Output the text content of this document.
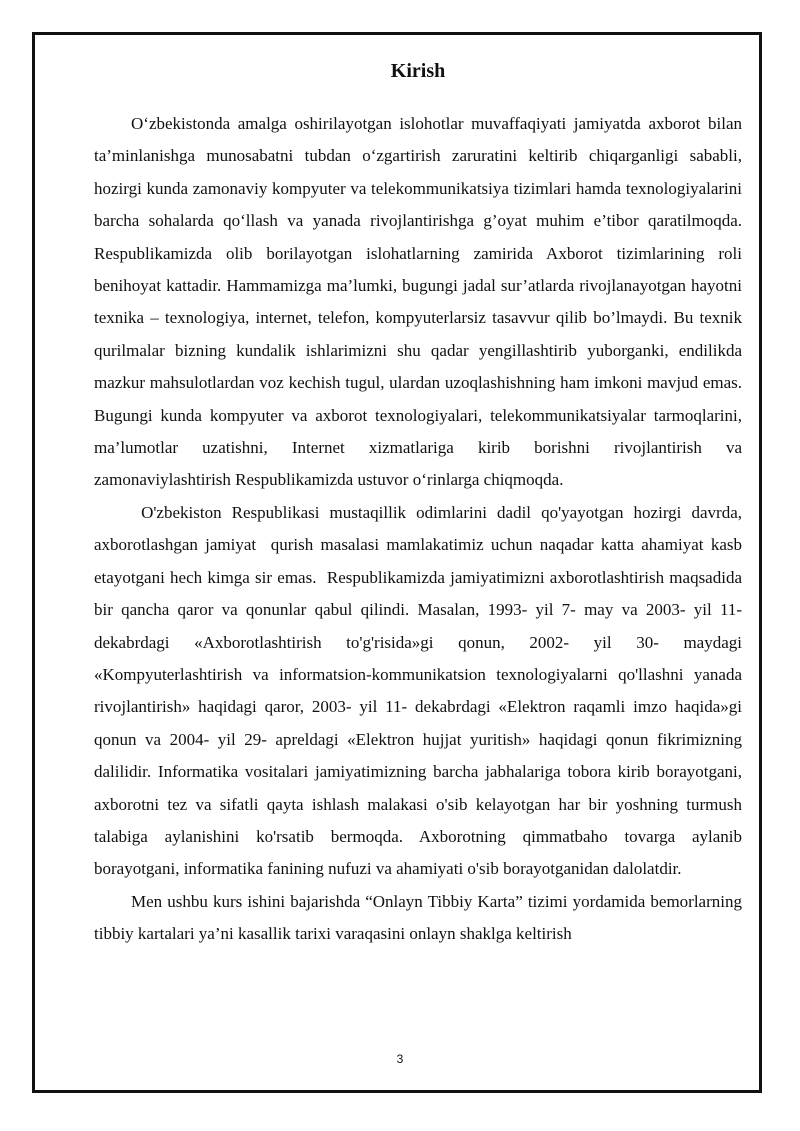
Kirish

O‘zbekistonda amalga oshirilayotgan islohotlar muvaffaqiyati jamiyatda axborot bilan ta’minlanishga munosabatni tubdan o‘zgartirish zaruratini keltirib chiqarganligi sababli, hozirgi kunda zamonaviy kompyuter va telekommunikatsiya tizimlari hamda texnologiyalarini barcha sohalarda qo‘llash va yanada rivojlantirishga g’oyat muhim e’tibor qaratilmoqda. Respublikamizda olib borilayotgan islohatlarning zamirida Axborot tizimlarining roli benihoyat kattadir. Hammamizga ma’lumki, bugungi jadal sur’atlarda rivojlanayotgan hayotni texnika – texnologiya, internet, telefon, kompyuterlarsiz tasavvur qilib bo’lmaydi. Bu texnik qurilmalar bizning kundalik ishlarimizni shu qadar yengillashtirib yuborganki, endilikda mazkur mahsulotlardan voz kechish tugul, ulardan uzoqlashishning ham imkoni mavjud emas. Bugungi kunda kompyuter va axborot texnologiyalari, telekommunikatsiyalar tarmoqlarini, ma’lumotlar uzatishni, Internet xizmatlariga kirib borishni rivojlantirish va zamonaviylashtirish Respublikamizda ustuvor o‘rinlarga chiqmoqda.

O'zbekiston Respublikasi mustaqillik odimlarini dadil qo'yayotgan hozirgi davrda,  axborotlashgan jamiyat  qurish masalasi mamlakatimiz uchun naqadar katta ahamiyat kasb etayotgani hech kimga sir emas.  Respublikamizda jamiyatimizni axborotlashtirish maqsadida bir qancha qaror va qonunlar qabul qilindi. Masalan, 1993- yil 7- may va 2003- yil 11- dekabrdagi «Axborotlashtirish to'g'risida»gi qonun, 2002- yil 30- maydagi «Kompyuterlashtirish va informatsion-kommunikatsion texnologiyalarni qo'llashni yanada rivojlantirish» haqidagi qaror, 2003- yil 11- dekabrdagi «Elektron raqamli imzo haqida»gi qonun va 2004- yil 29- apreldagi «Elektron hujjat yuritish» haqidagi qonun fikrimizning dalilidir. Informatika vositalari jamiyatimizning barcha jabhalariga tobora kirib borayotgani, axborotni tez va sifatli qayta ishlash malakasi o'sib kelayotgan har bir yoshning turmush talabiga aylanishini ko'rsatib bermoqda. Axborotning qimmatbaho tovarga aylanib borayotgani, informatika fanining nufuzi va ahamiyati o'sib borayotganidan dalolatdir.

Men ushbu kurs ishini bajarishda “Onlayn Tibbiy Karta” tizimi yordamida bemorlarning tibbiy kartalari ya’ni kasallik tarixi varaqasini onlayn shaklga keltirish

3
